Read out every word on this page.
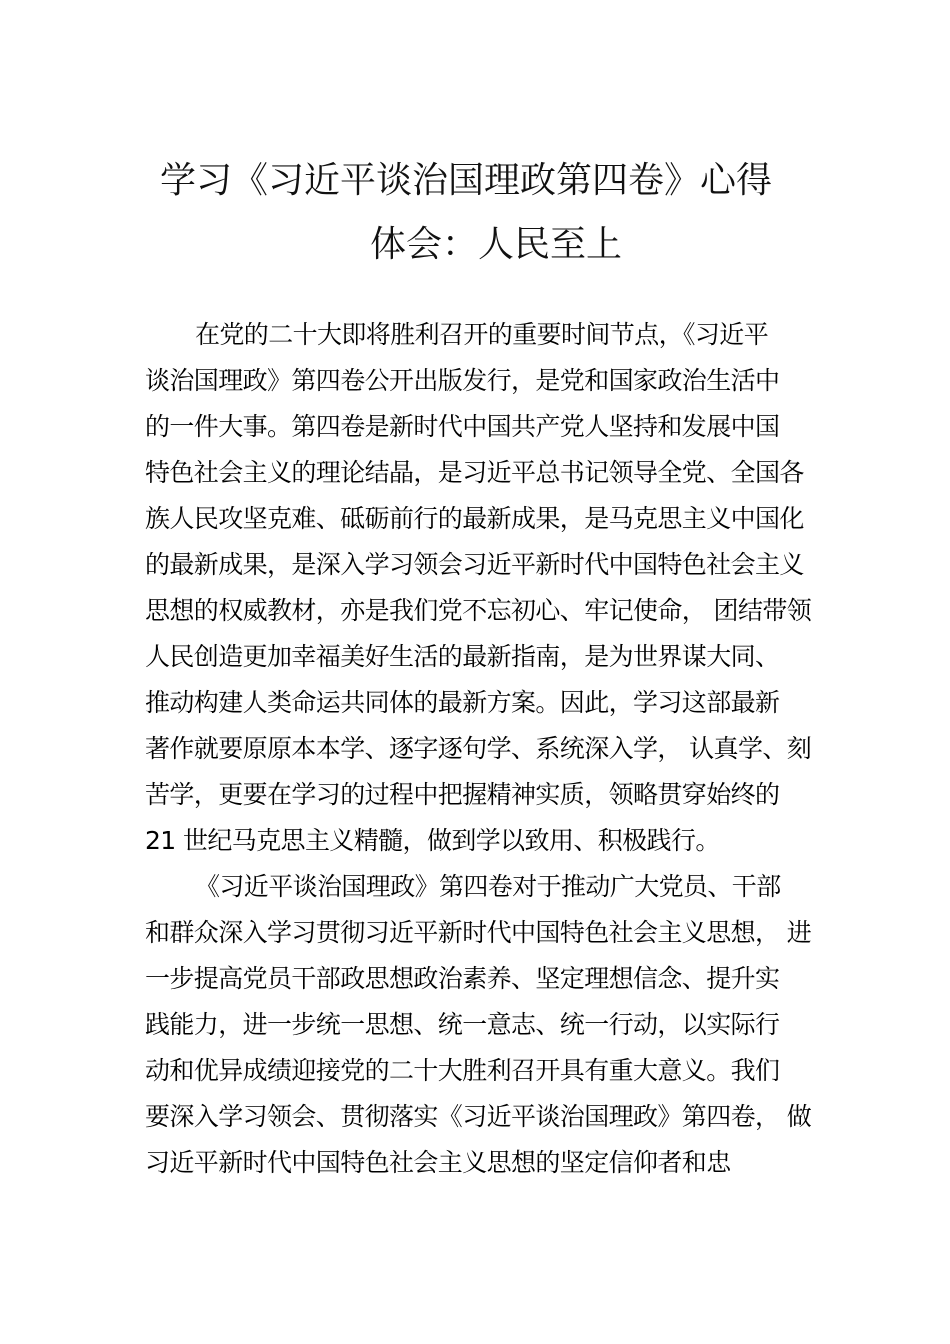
学习《习近平谈治国理政第四卷》心得
体会：人民至上

在党的二十大即将胜利召开的重要时间节点，《习近平

谈治国理政》第四卷公开出版发行，是党和国家政治生活中

的一件大事。第四卷是新时代中国共产党人坚持和发展中国

特色社会主义的理论结晶，是习近平总书记领导全党、全国各

族人民攻坚克难、砥砺前行的最新成果，是马克思主义中国化

的最新成果，是深入学习领会习近平新时代中国特色社会主义

思想的权威教材，亦是我们党不忘初心、牢记使命， 团结带领

人民创造更加幸福美好生活的最新指南，是为世界谋大同、

推动构建人类命运共同体的最新方案。因此，学习这部最新

著作就要原原本本学、逐字逐句学、系统深入学， 认真学、刻

苦学，更要在学习的过程中把握精神实质，领略贯穿始终的

21 世纪马克思主义精髓，做到学以致用、积极践行。

《习近平谈治国理政》第四卷对于推动广大党员、干部

和群众深入学习贯彻习近平新时代中国特色社会主义思想， 进

一步提高党员干部政思想政治素养、坚定理想信念、提升实

践能力，进一步统一思想、统一意志、统一行动，以实际行

动和优异成绩迎接党的二十大胜利召开具有重大意义。我们

要深入学习领会、贯彻落实《习近平谈治国理政》第四卷， 做

习近平新时代中国特色社会主义思想的坚定信仰者和忠
